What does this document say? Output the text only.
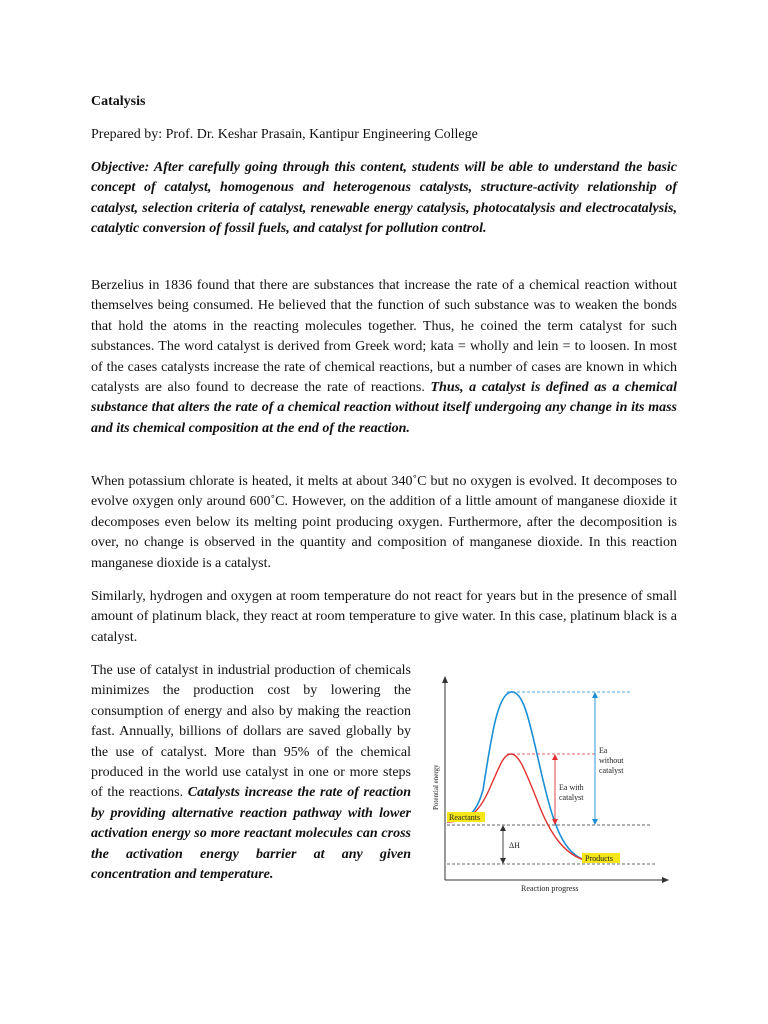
Catalysis
Prepared by: Prof. Dr. Keshar Prasain, Kantipur Engineering College

Objective: After carefully going through this content, students will be able to understand the basic concept of catalyst, homogenous and heterogenous catalysts, structure-activity relationship of catalyst, selection criteria of catalyst, renewable energy catalysis, photocatalysis and electrocatalysis, catalytic conversion of fossil fuels, and catalyst for pollution control.

Berzelius in 1836 found that there are substances that increase the rate of a chemical reaction without themselves being consumed. He believed that the function of such substance was to weaken the bonds that hold the atoms in the reacting molecules together. Thus, he coined the term catalyst for such substances. The word catalyst is derived from Greek word; kata = wholly and lein = to loosen. In most of the cases catalysts increase the rate of chemical reactions, but a number of cases are known in which catalysts are also found to decrease the rate of reactions. Thus, a catalyst is defined as a chemical substance that alters the rate of a chemical reaction without itself undergoing any change in its mass and its chemical composition at the end of the reaction.

When potassium chlorate is heated, it melts at about 340˚C but no oxygen is evolved. It decomposes to evolve oxygen only around 600˚C. However, on the addition of a little amount of manganese dioxide it decomposes even below its melting point producing oxygen. Furthermore, after the decomposition is over, no change is observed in the quantity and composition of manganese dioxide. In this reaction manganese dioxide is a catalyst.

Similarly, hydrogen and oxygen at room temperature do not react for years but in the presence of small amount of platinum black, they react at room temperature to give water. In this case, platinum black is a catalyst.

The use of catalyst in industrial production of chemicals minimizes the production cost by lowering the consumption of energy and also by making the reaction fast. Annually, billions of dollars are saved globally by the use of catalyst. More than 95% of the chemical produced in the world use catalyst in one or more steps of the reactions. Catalysts increase the rate of reaction by providing alternative reaction pathway with lower activation energy so more reactant molecules can cross the activation energy barrier at any given concentration and temperature.

Reactants
Products
ΔH
Ea
without
catalyst
Ea with
catalyst
Potential energy
Reaction progress
